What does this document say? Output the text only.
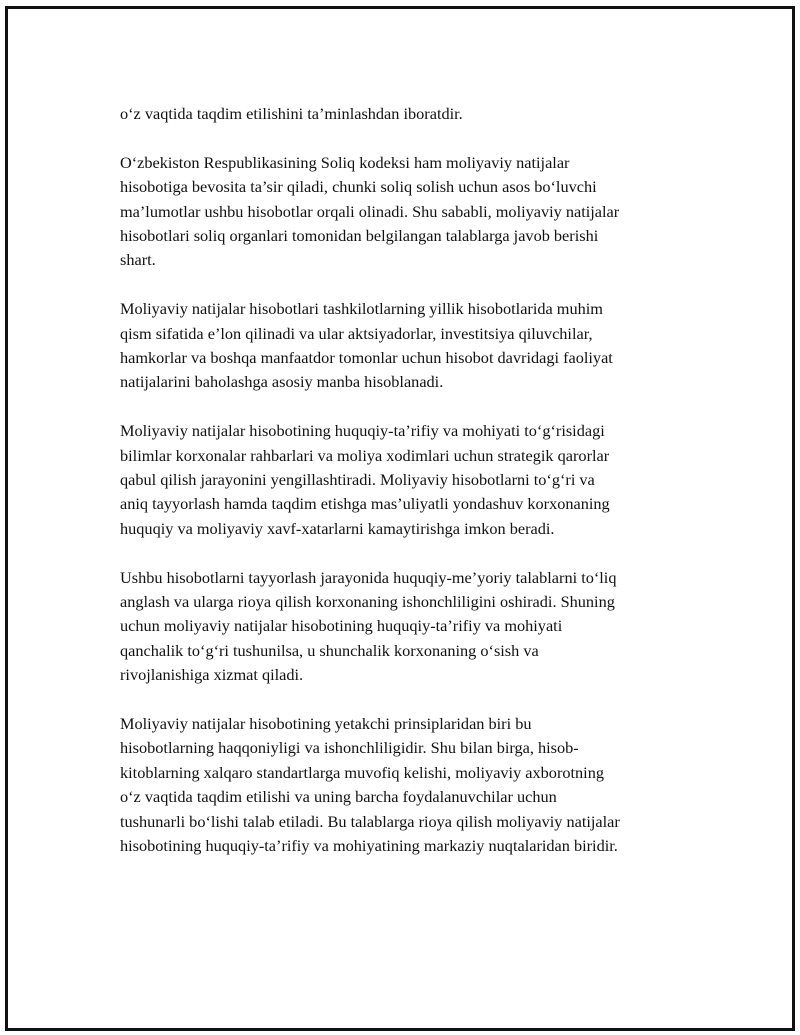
o‘z vaqtida taqdim etilishini ta’minlashdan iboratdir.

O‘zbekiston Respublikasining Soliq kodeksi ham moliyaviy natijalar
hisobotiga bevosita ta’sir qiladi, chunki soliq solish uchun asos bo‘luvchi
ma’lumotlar ushbu hisobotlar orqali olinadi. Shu sababli, moliyaviy natijalar
hisobotlari soliq organlari tomonidan belgilangan talablarga javob berishi
shart.

Moliyaviy natijalar hisobotlari tashkilotlarning yillik hisobotlarida muhim
qism sifatida e’lon qilinadi va ular aktsiyadorlar, investitsiya qiluvchilar,
hamkorlar va boshqa manfaatdor tomonlar uchun hisobot davridagi faoliyat
natijalarini baholashga asosiy manba hisoblanadi.

Moliyaviy natijalar hisobotining huquqiy-ta’rifiy va mohiyati to‘g‘risidagi
bilimlar korxonalar rahbarlari va moliya xodimlari uchun strategik qarorlar
qabul qilish jarayonini yengillashtiradi. Moliyaviy hisobotlarni to‘g‘ri va
aniq tayyorlash hamda taqdim etishga mas’uliyatli yondashuv korxonaning
huquqiy va moliyaviy xavf-xatarlarni kamaytirishga imkon beradi.

Ushbu hisobotlarni tayyorlash jarayonida huquqiy-me’yoriy talablarni to‘liq
anglash va ularga rioya qilish korxonaning ishonchliligini oshiradi. Shuning
uchun moliyaviy natijalar hisobotining huquqiy-ta’rifiy va mohiyati
qanchalik to‘g‘ri tushunilsa, u shunchalik korxonaning o‘sish va
rivojlanishiga xizmat qiladi.

Moliyaviy natijalar hisobotining yetakchi prinsiplaridan biri bu
hisobotlarning haqqoniyligi va ishonchliligidir. Shu bilan birga, hisob-
kitoblarning xalqaro standartlarga muvofiq kelishi, moliyaviy axborotning
o‘z vaqtida taqdim etilishi va uning barcha foydalanuvchilar uchun
tushunarli bo‘lishi talab etiladi. Bu talablarga rioya qilish moliyaviy natijalar
hisobotining huquqiy-ta’rifiy va mohiyatining markaziy nuqtalaridan biridir.
